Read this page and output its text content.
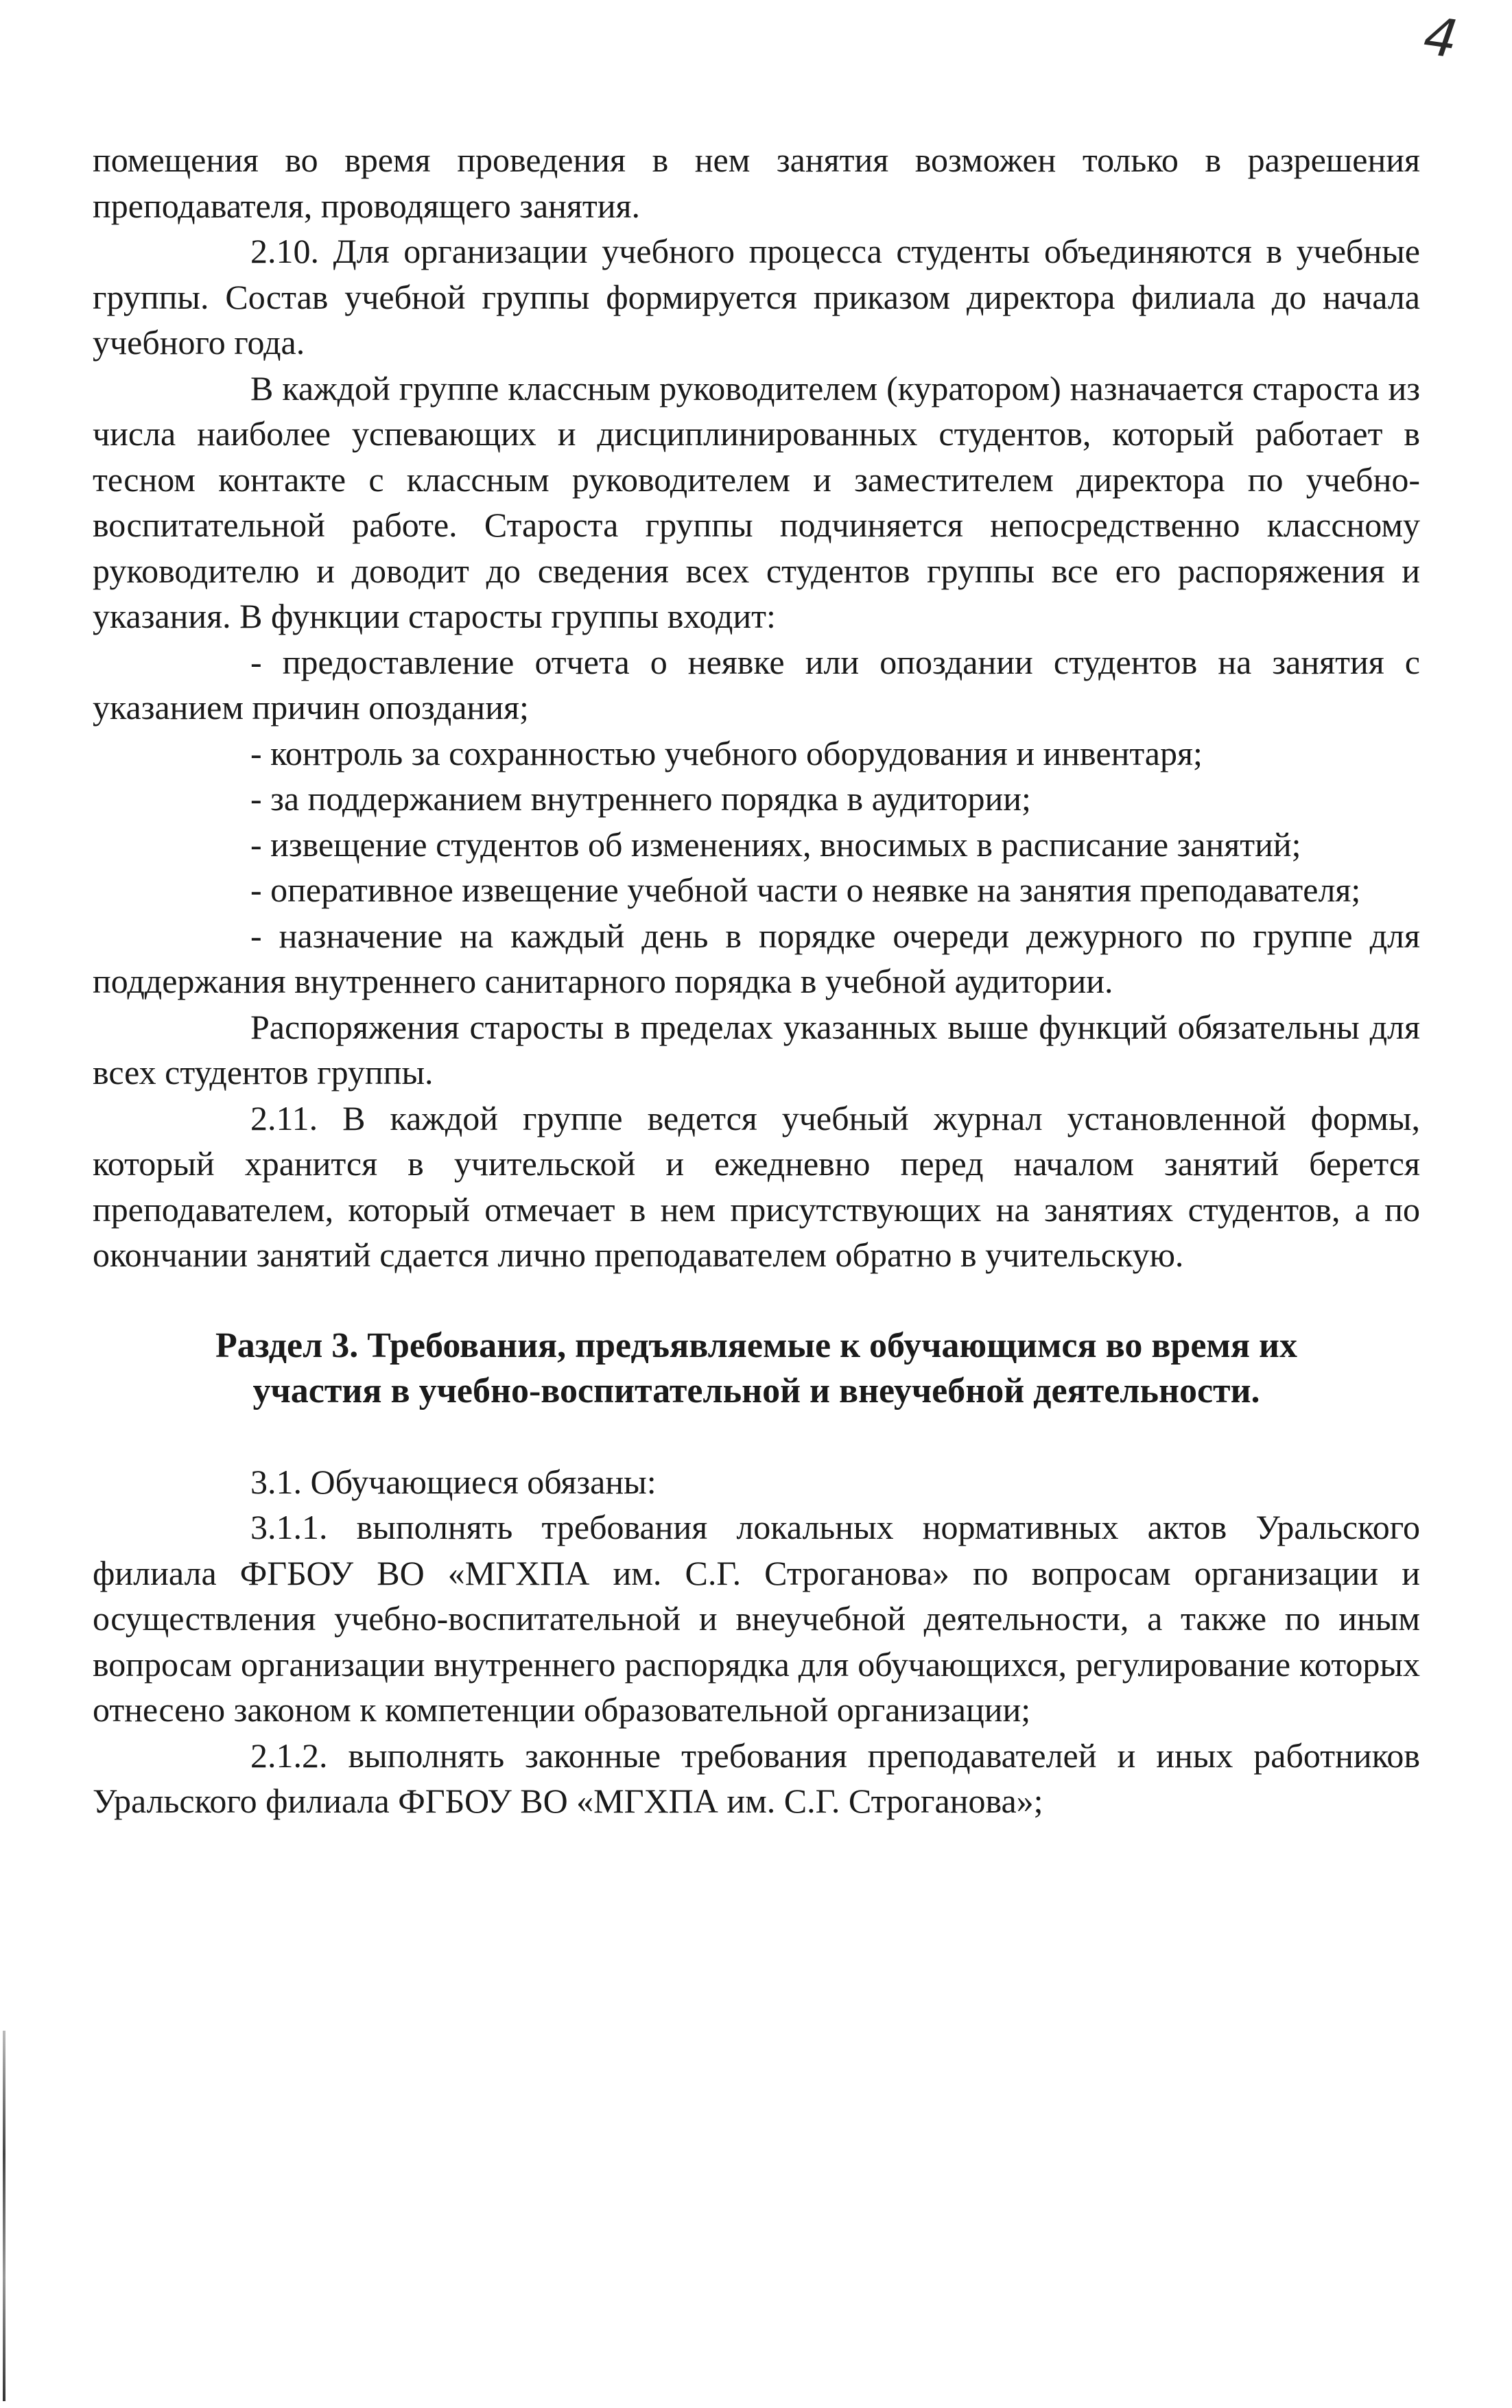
4

помещения во время проведения в нем занятия возможен только в разрешения преподавателя, проводящего занятия.

2.10. Для организации учебного процесса студенты объединяются в учебные группы. Состав учебной группы формируется приказом директора филиала до начала учебного года.

В каждой группе классным руководителем (куратором) назначается староста из числа наиболее успевающих и дисциплинированных студентов, который работает в тесном контакте с классным руководителем и заместителем директора по учебно-воспитательной работе. Староста группы подчиняется непосредственно классному руководителю и доводит до сведения всех студентов группы все его распоряжения и указания. В функции старосты группы входит:

- предоставление отчета о неявке или опоздании студентов на занятия с указанием причин опоздания;

- контроль за сохранностью учебного оборудования и инвентаря;

- за поддержанием внутреннего порядка в аудитории;

- извещение студентов об изменениях, вносимых в расписание занятий;

- оперативное извещение учебной части о неявке на занятия преподавателя;

- назначение на каждый день в порядке очереди дежурного по группе для поддержания внутреннего санитарного порядка в учебной аудитории.

Распоряжения старосты в пределах указанных выше функций обязательны для всех студентов группы.

2.11. В каждой группе ведется учебный журнал установленной формы, который хранится в учительской и ежедневно перед началом занятий берется преподавателем, который отмечает в нем присутствующих на занятиях студентов, а по окончании занятий сдается лично преподавателем обратно в учительскую.

Раздел 3. Требования, предъявляемые к обучающимся во время их
участия в учебно-воспитательной и внеучебной деятельности.

3.1. Обучающиеся обязаны:

3.1.1. выполнять требования локальных нормативных актов Уральского филиала ФГБОУ ВО «МГХПА им. С.Г. Строганова» по вопросам организации и осуществления учебно-воспитательной и внеучебной деятельности, а также по иным вопросам организации внутреннего распорядка для обучающихся, регулирование которых отнесено законом к компетенции образовательной организации;

2.1.2. выполнять законные требования преподавателей и иных работников Уральского филиала ФГБОУ ВО «МГХПА им. С.Г. Строганова»;
